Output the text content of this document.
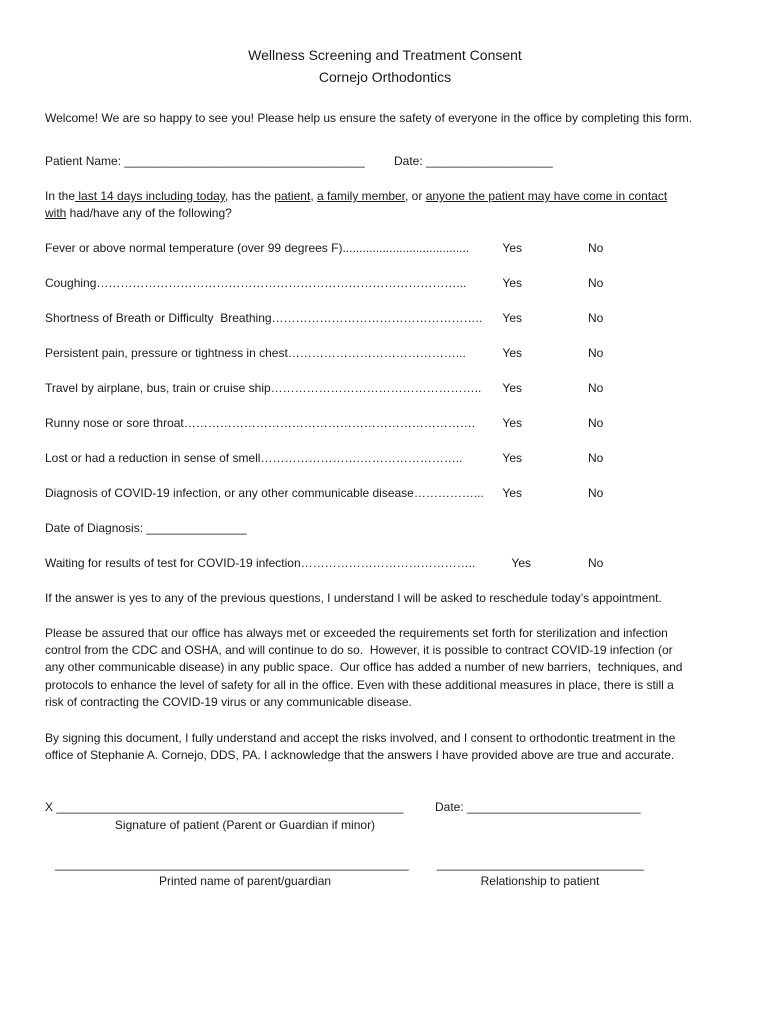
Wellness Screening and Treatment Consent
Cornejo Orthodontics
Welcome! We are so happy to see you! Please help us ensure the safety of everyone in the office by completing this form.
Patient Name: ____________________________________ Date: ___________________
In the last 14 days including today, has the patient, a family member, or anyone the patient may have come in contact
with had/have any of the following?
Fever or above normal temperature (over 99 degrees F)......................................	Yes	No
Coughing………………………………………………………………………………...	Yes	No
Shortness of Breath or Difficulty  Breathing……………………………………………..	Yes	No
Persistent pain, pressure or tightness in chest……………………………………...	Yes	No
Travel by airplane, bus, train or cruise ship……………………………………………..	Yes	No
Runny nose or sore throat……………………………………………………………….	Yes	No
Lost or had a reduction in sense of smell…………………….……………………..	Yes	No
Diagnosis of COVID-19 infection, or any other communicable disease……………...	Yes	No
Date of Diagnosis: _______________
Waiting for results of test for COVID-19 infection……………………………………..	Yes	No
If the answer is yes to any of the previous questions, I understand I will be asked to reschedule today’s appointment.
Please be assured that our office has always met or exceeded the requirements set forth for sterilization and infection
control from the CDC and OSHA, and will continue to do so.  However, it is possible to contract COVID-19 infection (or
any other communicable disease) in any public space.  Our office has added a number of new barriers,  techniques, and
protocols to enhance the level of safety for all in the office. Even with these additional measures in place, there is still a
risk of contracting the COVID-19 virus or any communicable disease.
By signing this document, I fully understand and accept the risks involved, and I consent to orthodontic treatment in the
office of Stephanie A. Cornejo, DDS, PA. I acknowledge that the answers I have provided above are true and accurate.
X ____________________________________________________	Date: __________________________
Signature of patient (Parent or Guardian if minor)
_____________________________________________________ _______________________________
Printed name of parent/guardian	Relationship to patient
